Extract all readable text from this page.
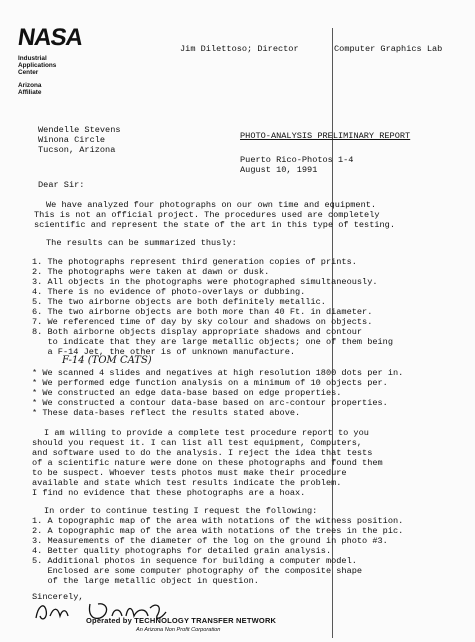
NASA
Industrial
Applications
Center
Arizona
Affiliate
Jim Dilettoso; Director	Computer Graphics Lab
Wendelle Stevens
Winona Circle
Tucson, Arizona
PHOTO-ANALYSIS PRELIMINARY REPORT
Puerto Rico-Photos 1-4
August 10, 1991
Dear Sir:
We have analyzed four photographs on our own time and equipment.
This is not an official project. The procedures used are completely
scientific and represent the state of the art in this type of testing.
The results can be summarized thusly:
1. The photographs represent third generation copies of prints.
2. The photographs were taken at dawn or dusk.
3. All objects in the photographs were photographed simultaneously.
4. There is no evidence of photo-overlays or dubbing.
5. The two airborne objects are both definitely metallic.
6. The two airborne objects are both more than 40 Ft. in diameter.
7. We referenced time of day by sky colour and shadows on objects.
8. Both airborne objects display appropriate shadows and contour
to indicate that they are large metallic objects; one of them being
a F-14 Jet, the other is of unknown manufacture.
F-14 (TOM CATS)
* We scanned 4 slides and negatives at high resolution 1800 dots per in.
* We performed edge function analysis on a minimum of 10 objects per.
* We constructed an edge data-base based on edge properties.
* We constructed a contour data-base based on arc-contour properties.
* These data-bases reflect the results stated above.
I am willing to provide a complete test procedure report to you
should you request it. I can list all test equipment, Computers,
and software used to do the analysis. I reject the idea that tests
of a scientific nature were done on these photographs and found them
to be suspect. Whoever tests photos must make their procedure
available and state which test results indicate the problem.
I find no evidence that these photographs are a hoax.
In order to continue testing I request the following:
1. A topographic map of the area with notations of the witness position.
2. A topographic map of the area with notations of the trees in the pic.
3. Measurements of the diameter of the log on the ground in photo #3.
4. Better quality photographs for detailed grain analysis.
5. Additional photos in sequence for building a computer model.
Enclosed are some computer photography of the composite shape
of the large metallic object in question.
Sincerely,
Operated by TECHNOLOGY TRANSFER NETWORK
An Arizona Non Profit Corporation
